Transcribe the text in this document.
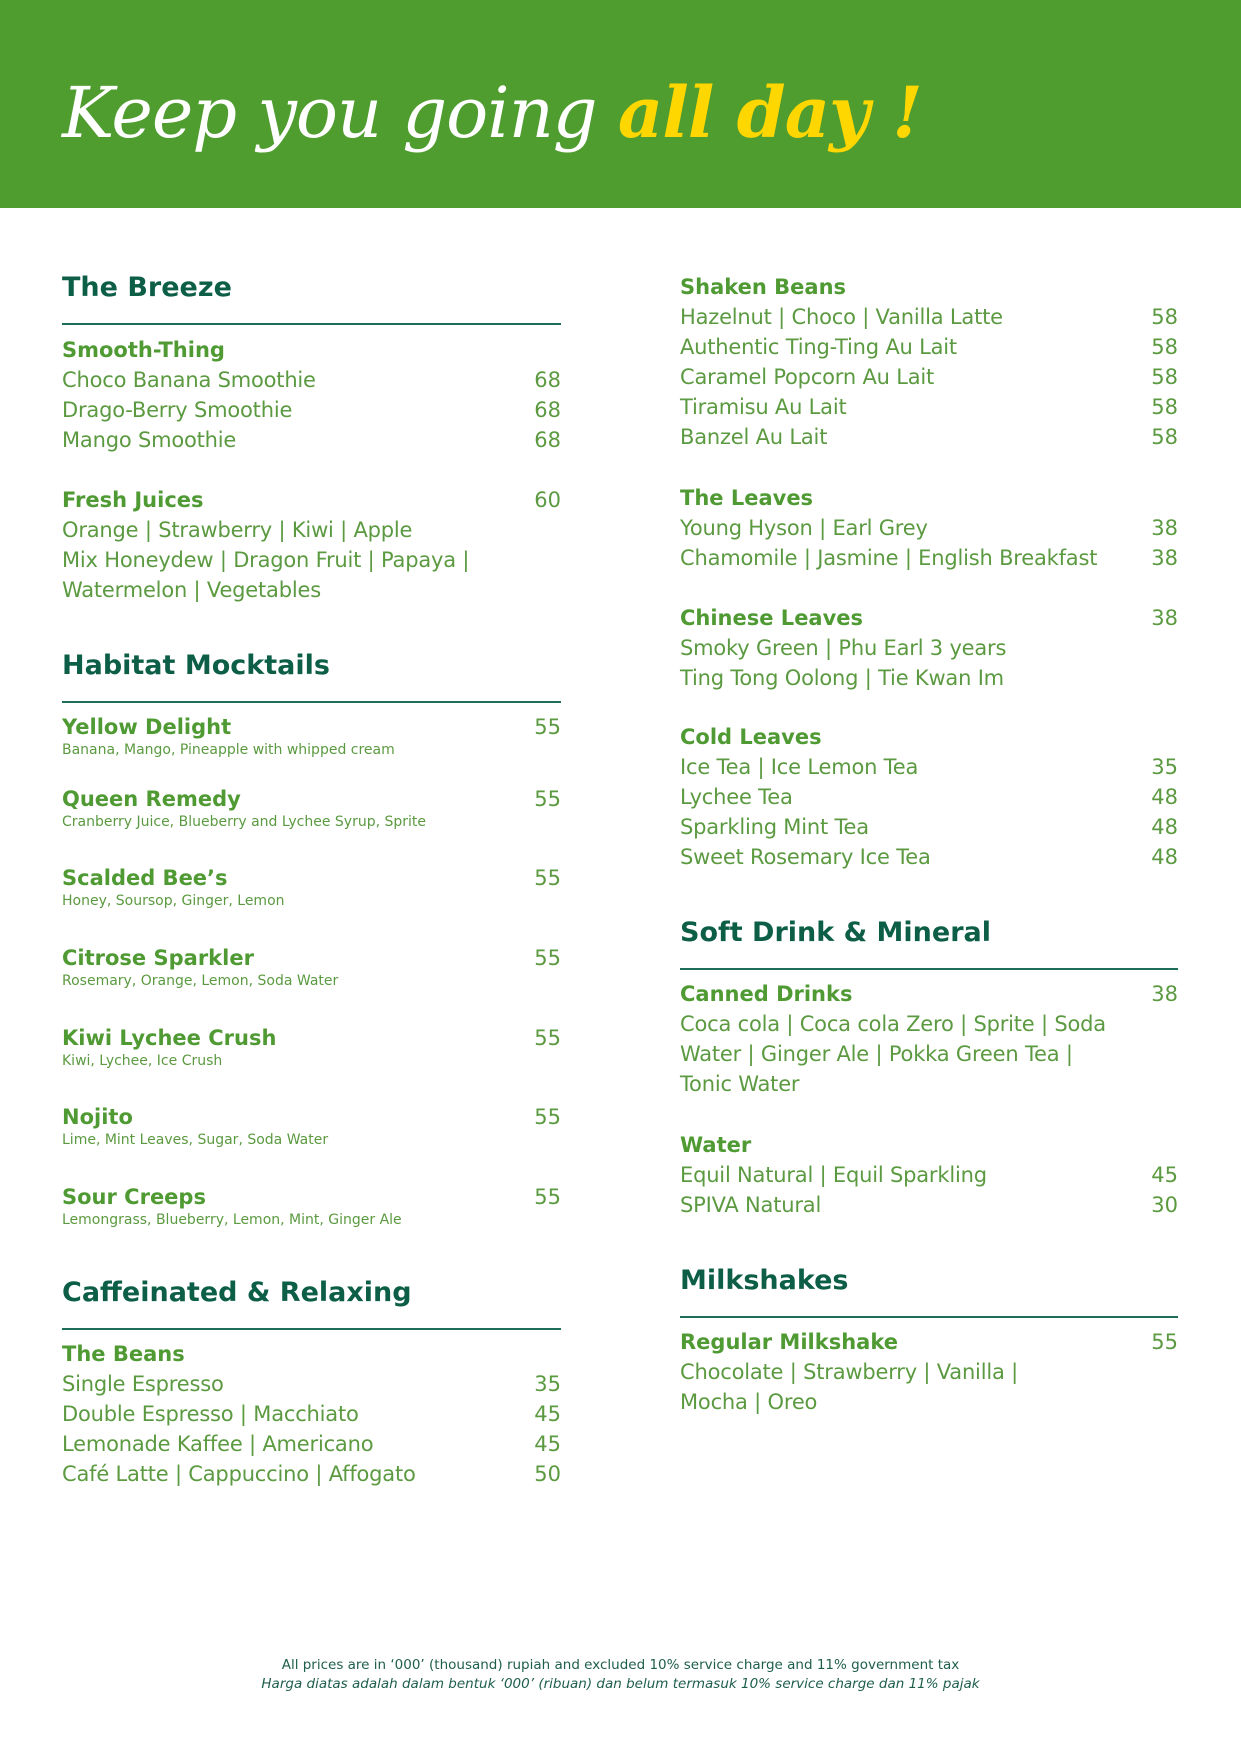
Keep you going all day !
The Breeze
Smooth-Thing
Choco Banana Smoothie	68
Drago-Berry Smoothie	68
Mango Smoothie	68
Fresh Juices	60
Orange | Strawberry | Kiwi | Apple
Mix Honeydew | Dragon Fruit | Papaya |
Watermelon | Vegetables
Habitat Mocktails
Yellow Delight	55
Banana, Mango, Pineapple with whipped cream
Queen Remedy	55
Cranberry Juice, Blueberry and Lychee Syrup, Sprite
Scalded Bee’s	55
Honey, Soursop, Ginger, Lemon
Citrose Sparkler	55
Rosemary, Orange, Lemon, Soda Water
Kiwi Lychee Crush	55
Kiwi, Lychee, Ice Crush
Nojito	55
Lime, Mint Leaves, Sugar, Soda Water
Sour Creeps	55
Lemongrass, Blueberry, Lemon, Mint, Ginger Ale
Caffeinated & Relaxing
The Beans
Single Espresso	35
Double Espresso | Macchiato	45
Lemonade Kaffee | Americano	45
Café Latte | Cappuccino | Affogato	50
Shaken Beans
Hazelnut | Choco | Vanilla Latte	58
Authentic Ting-Ting Au Lait	58
Caramel Popcorn Au Lait	58
Tiramisu Au Lait	58
Banzel Au Lait	58
The Leaves
Young Hyson | Earl Grey	38
Chamomile | Jasmine | English Breakfast	38
Chinese Leaves	38
Smoky Green | Phu Earl 3 years
Ting Tong Oolong | Tie Kwan Im
Cold Leaves
Ice Tea | Ice Lemon Tea	35
Lychee Tea	48
Sparkling Mint Tea	48
Sweet Rosemary Ice Tea	48
Soft Drink & Mineral
Canned Drinks	38
Coca cola | Coca cola Zero | Sprite | Soda
Water | Ginger Ale | Pokka Green Tea |
Tonic Water
Water
Equil Natural | Equil Sparkling	45
SPIVA Natural	30
Milkshakes
Regular Milkshake	55
Chocolate | Strawberry | Vanilla |
Mocha | Oreo
All prices are in ‘000’ (thousand) rupiah and excluded 10% service charge and 11% government tax
Harga diatas adalah dalam bentuk ‘000’ (ribuan) dan belum termasuk 10% service charge dan 11% pajak
